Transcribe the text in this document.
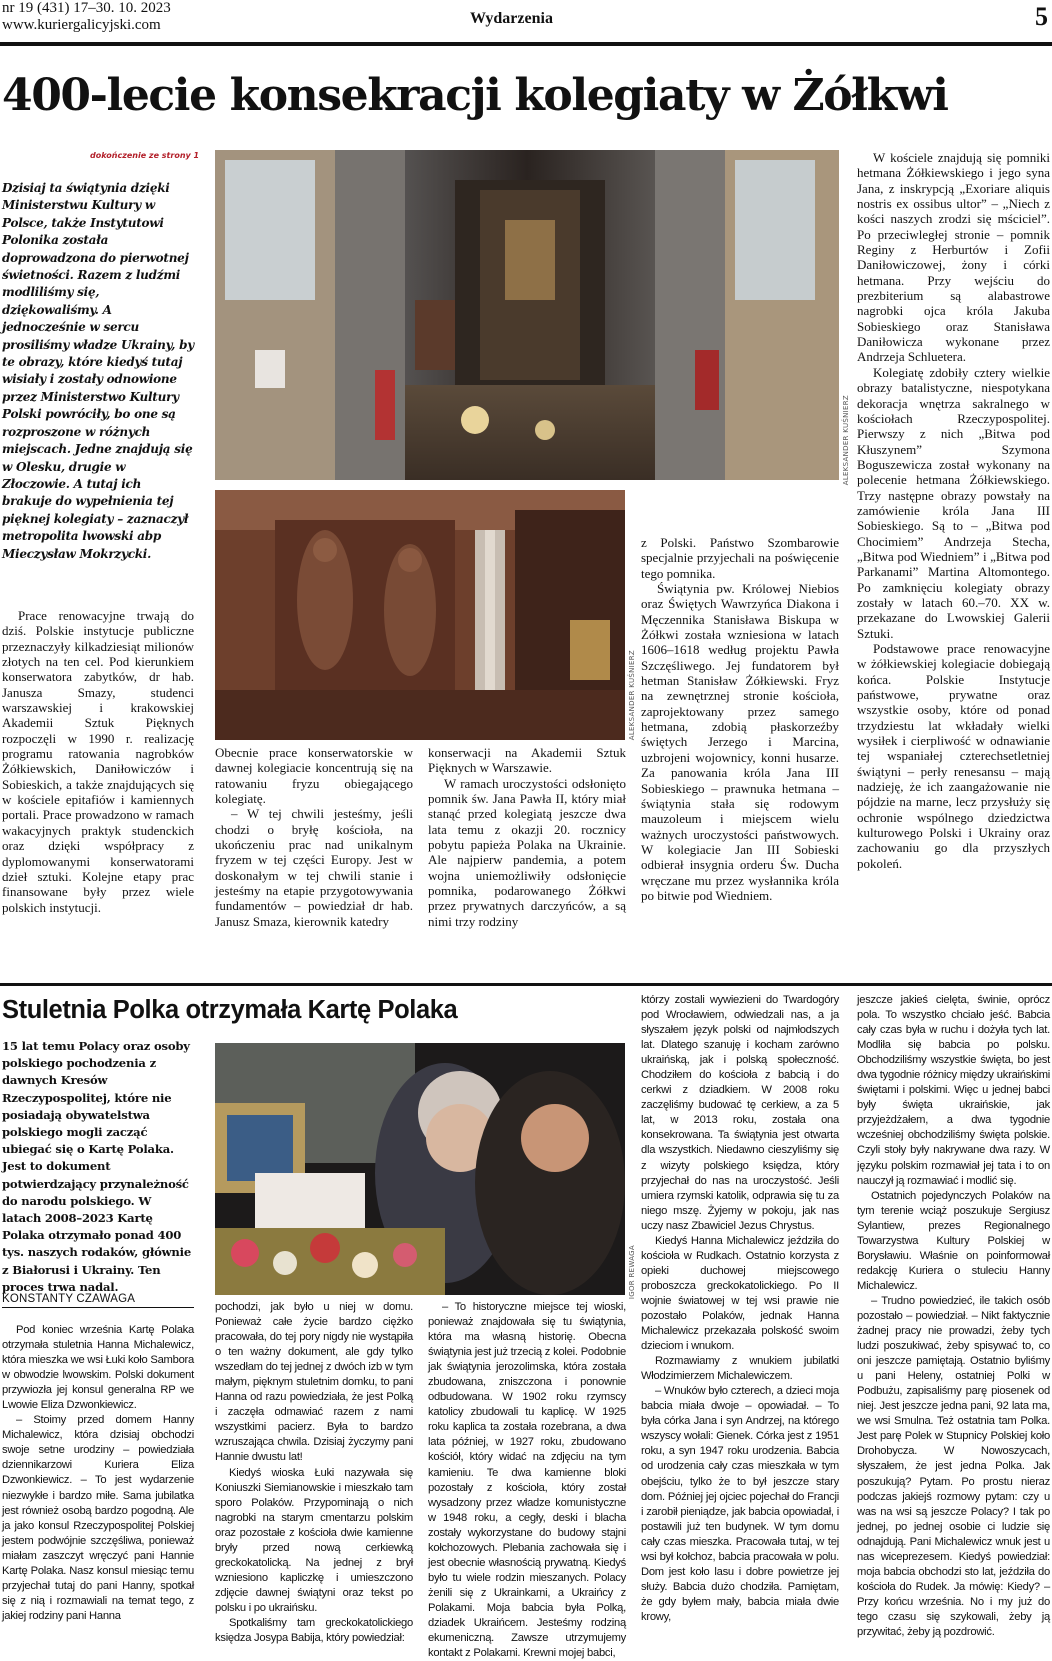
nr 19 (431) 17–30. 10. 2023
www.kuriergalicyjski.com	Wydarzenia	5
400-lecie konsekracji kolegiaty w Żółkwi
dokończenie ze strony 1
Dzisiaj ta świątynia dzięki Ministerstwu Kultury w Polsce, także Instytutowi Polonika została doprowadzona do pierwotnej świetności. Razem z ludźmi modliliśmy się, dziękowaliśmy. A jednocześnie w sercu prosiliśmy władze Ukrainy, by te obrazy, które kiedyś tutaj wisiały i zostały odnowione przez Ministerstwo Kultury Polski powróciły, bo one są rozproszone w różnych miejscach. Jedne znajdują się w Olesku, drugie w Złoczowie. A tutaj ich brakuje do wypełnienia tej pięknej kolegiaty – zaznaczył metropolita lwowski abp Mieczysław Mokrzycki.
ALEKSANDER KUŚNIERZ
ALEKSANDER KUŚNIERZ

Prace renowacyjne trwają do dziś. Polskie instytucje publiczne przeznaczyły kilkadziesiąt milionów złotych na ten cel. Pod kierunkiem konserwatora zabytków, dr hab. Janusza Smazy, studenci warszawskiej i krakowskiej Akademii Sztuk Pięknych rozpoczęli w 1990 r. realizację programu ratowania nagrobków Żółkiewskich, Daniłowiczów i Sobieskich, a także znajdujących się w kościele epitafiów i kamiennych portali. Prace prowadzono w ramach wakacyjnych praktyk studenckich oraz dzięki współpracy z dyplomowanymi konserwatorami dzieł sztuki. Kolejne etapy prac finansowane były przez wiele polskich instytucji.

Obecnie prace konserwatorskie w dawnej kolegiacie koncentrują się na ratowaniu fryzu obiegającego kolegiatę.

– W tej chwili jesteśmy, jeśli chodzi o bryłę kościoła, na ukończeniu prac nad unikalnym fryzem w tej części Europy. Jest w doskonałym w tej chwili stanie i jesteśmy na etapie przygotowywania fundamentów – powiedział dr hab. Janusz Smaza, kierownik katedry

konserwacji na Akademii Sztuk Pięknych w Warszawie.

W ramach uroczystości odsłonięto pomnik św. Jana Pawła II, który miał stanąć przed kolegiatą jeszcze dwa lata temu z okazji 20. rocznicy pobytu papieża Polaka na Ukrainie. Ale najpierw pandemia, a potem wojna uniemożliwiły odsłonięcie pomnika, podarowanego Żółkwi przez prywatnych darczyńców, a są nimi trzy rodziny

z Polski. Państwo Szombarowie specjalnie przyjechali na poświęcenie tego pomnika.

Świątynia pw. Królowej Niebios oraz Świętych Wawrzyńca Diakona i Męczennika Stanisława Biskupa w Żółkwi została wzniesiona w latach 1606–1618 według projektu Pawła Szczęśliwego. Jej fundatorem był hetman Stanisław Żółkiewski. Fryz na zewnętrznej stronie kościoła, zaprojektowany przez samego hetmana, zdobią płaskorzeźby świętych Jerzego i Marcina, uzbrojeni wojownicy, konni husarze. Za panowania króla Jana III Sobieskiego – prawnuka hetmana – świątynia stała się rodowym mauzoleum i miejscem wielu ważnych uroczystości państwowych. W kolegiacie Jan III Sobieski odbierał insygnia orderu Św. Ducha wręczane mu przez wysłannika króla po bitwie pod Wiedniem.

W kościele znajdują się pomniki hetmana Żółkiewskiego i jego syna Jana, z inskrypcją „Exoriare aliquis nostris ex ossibus ultor” – „Niech z kości naszych zrodzi się mściciel”. Po przeciwległej stronie – pomnik Reginy z Herburtów i Zofii Daniłowiczowej, żony i córki hetmana. Przy wejściu do prezbiterium są alabastrowe nagrobki ojca króla Jakuba Sobieskiego oraz Stanisława Daniłowicza wykonane przez Andrzeja Schluetera.

Kolegiatę zdobiły cztery wielkie obrazy batalistyczne, niespotykana dekoracja wnętrza sakralnego w kościołach Rzeczypospolitej. Pierwszy z nich „Bitwa pod Kłuszynem” Szymona Boguszewicza został wykonany na polecenie hetmana Żółkiewskiego. Trzy następne obrazy powstały na zamówienie króla Jana III Sobieskiego. Są to – „Bitwa pod Chocimiem” Andrzeja Stecha, „Bitwa pod Wiedniem” i „Bitwa pod Parkanami” Martina Altomontego. Po zamknięciu kolegiaty obrazy zostały w latach 60.–70. XX w. przekazane do Lwowskiej Galerii Sztuki.

Podstawowe prace renowacyjne w żółkiewskiej kolegiacie dobiegają końca. Polskie Instytucje państwowe, prywatne oraz wszystkie osoby, które od ponad trzydziestu lat wkładały wielki wysiłek i cierpliwość w odnawianie tej wspaniałej czterechsetletniej świątyni – perły renesansu – mają nadzieję, że ich zaangażowanie nie pójdzie na marne, lecz przysłuży się ochronie wspólnego dziedzictwa kulturowego Polski i Ukrainy oraz zachowaniu go dla przyszłych pokoleń.

Stuletnia Polka otrzymała Kartę Polaka
15 lat temu Polacy oraz osoby polskiego pochodzenia z dawnych Kresów Rzeczypospolitej, które nie posiadają obywatelstwa polskiego mogli zacząć ubiegać się o Kartę Polaka. Jest to dokument potwierdzający przynależność do narodu polskiego. W latach 2008–2023 Kartę Polaka otrzymało ponad 400 tys. naszych rodaków, głównie z Białorusi i Ukrainy. Ten proces trwa nadal.
KONSTANTY CZAWAGA	IGOR REWAGA

Pod koniec września Kartę Polaka otrzymała stuletnia Hanna Michalewicz, która mieszka we wsi Łuki koło Sambora w obwodzie lwowskim. Polski dokument przywiozła jej konsul generalna RP we Lwowie Eliza Dzwonkiewicz.

– Stoimy przed domem Hanny Michalewicz, która dzisiaj obchodzi swoje setne urodziny – powiedziała dziennikarzowi Kuriera Eliza Dzwonkiewicz. – To jest wydarzenie niezwykłe i bardzo miłe. Sama jubilatka jest również osobą bardzo pogodną. Ale ja jako konsul Rzeczypospolitej Polskiej jestem podwójnie szczęśliwa, ponieważ miałam zaszczyt wręczyć pani Hannie Kartę Polaka. Nasz konsul miesiąc temu przyjechał tutaj do pani Hanny, spotkał się z nią i rozmawiali na temat tego, z jakiej rodziny pani Hanna

pochodzi, jak było u niej w domu. Ponieważ całe życie bardzo ciężko pracowała, do tej pory nigdy nie wystąpiła o ten ważny dokument, ale gdy tylko wszedłam do tej jednej z dwóch izb w tym małym, pięknym stuletnim domku, to pani Hanna od razu powiedziała, że jest Polką i zaczęła odmawiać razem z nami wszystkimi pacierz. Była to bardzo wzruszająca chwila. Dzisiaj życzymy pani Hannie dwustu lat!

Kiedyś wioska Łuki nazywała się Koniuszki Siemianowskie i mieszkało tam sporo Polaków. Przypominają o nich nagrobki na starym cmentarzu polskim oraz pozostałe z kościoła dwie kamienne bryły przed nową cerkiewką greckokatolicką. Na jednej z brył wzniesiono kapliczkę i umieszczono zdjęcie dawnej świątyni oraz tekst po polsku i po ukraińsku.

Spotkaliśmy tam greckokatolickiego księdza Josypa Babija, który powiedział:

– To historyczne miejsce tej wioski, ponieważ znajdowała się tu świątynia, która ma własną historię. Obecna świątynia jest już trzecią z kolei. Podobnie jak świątynia jerozolimska, która została zbudowana, zniszczona i ponownie odbudowana. W 1902 roku rzymscy katolicy zbudowali tu kaplicę. W 1925 roku kaplica ta została rozebrana, a dwa lata później, w 1927 roku, zbudowano kościół, który widać na zdjęciu na tym kamieniu. Te dwa kamienne bloki pozostały z kościoła, który został wysadzony przez władze komunistyczne w 1948 roku, a cegły, deski i blacha zostały wykorzystane do budowy stajni kołchozowych. Plebania zachowała się i jest obecnie własnością prywatną. Kiedyś było tu wiele rodzin mieszanych. Polacy żenili się z Ukrainkami, a Ukraińcy z Polakami. Moja babcia była Polką, dziadek Ukraińcem. Jesteśmy rodziną ekumeniczną. Zawsze utrzymujemy kontakt z Polakami. Krewni mojej babci,

którzy zostali wywiezieni do Twardogóry pod Wrocławiem, odwiedzali nas, a ja słyszałem język polski od najmłodszych lat. Dlatego szanuję i kocham zarówno ukraińską, jak i polską społeczność. Chodziłem do kościoła z babcią i do cerkwi z dziadkiem. W 2008 roku zaczęliśmy budować tę cerkiew, a za 5 lat, w 2013 roku, została ona konsekrowana. Ta świątynia jest otwarta dla wszystkich. Niedawno cieszyliśmy się z wizyty polskiego księdza, który przyjechał do nas na uroczystość. Jeśli umiera rzymski katolik, odprawia się tu za niego mszę. Żyjemy w pokoju, jak nas uczy nasz Zbawiciel Jezus Chrystus.

Kiedyś Hanna Michalewicz jeździła do kościoła w Rudkach. Ostatnio korzysta z opieki duchowej miejscowego proboszcza greckokatolickiego. Po II wojnie światowej w tej wsi prawie nie pozostało Polaków, jednak Hanna Michalewicz przekazała polskość swoim dzieciom i wnukom.

Rozmawiamy z wnukiem jubilatki Włodzimierzem Michalewiczem.

– Wnuków było czterech, a dzieci moja babcia miała dwoje – opowiadał. – To była córka Jana i syn Andrzej, na którego wszyscy wołali: Gienek. Córka jest z 1951 roku, a syn 1947 roku urodzenia. Babcia od urodzenia cały czas mieszkała w tym obejściu, tylko że to był jeszcze stary dom. Później jej ojciec pojechał do Francji i zarobił pieniądze, jak babcia opowiadał, i postawili już ten budynek. W tym domu cały czas mieszka. Pracowała tutaj, w tej wsi był kołchoz, babcia pracowała w polu. Dom jest koło lasu i dobre powietrze jej służy. Babcia dużo chodziła. Pamiętam, że gdy byłem mały, babcia miała dwie krowy,

jeszcze jakieś cielęta, świnie, oprócz pola. To wszystko chciało jeść. Babcia cały czas była w ruchu i dożyła tych lat. Modliła się babcia po polsku. Obchodziliśmy wszystkie święta, bo jest dwa tygodnie różnicy między ukraińskimi świętami i polskimi. Więc u jednej babci były święta ukraińskie, jak przyjeżdżałem, a dwa tygodnie wcześniej obchodziliśmy święta polskie. Czyli stoły były nakrywane dwa razy. W języku polskim rozmawiał jej tata i to on nauczył ją rozmawiać i modlić się.

Ostatnich pojedynczych Polaków na tym terenie wciąż poszukuje Sergiusz Sylantiew, prezes Regionalnego Towarzystwa Kultury Polskiej w Borysławiu. Właśnie on poinformował redakcję Kuriera o stuleciu Hanny Michalewicz.

– Trudno powiedzieć, ile takich osób pozostało – powiedział. – Nikt faktycznie żadnej pracy nie prowadzi, żeby tych ludzi poszukiwać, żeby spisywać to, co oni jeszcze pamiętają. Ostatnio byliśmy u pani Heleny, ostatniej Polki w Podbużu, zapisaliśmy parę piosenek od niej. Jest jeszcze jedna pani, 92 lata ma, we wsi Smulna. Też ostatnia tam Polka. Jest parę Polek w Stupnicy Polskiej koło Drohobycza. W Nowoszycach, słyszałem, że jest jedna Polka. Jak poszukują? Pytam. Po prostu nieraz podczas jakiejś rozmowy pytam: czy u was na wsi są jeszcze Polacy? I tak po jednej, po jednej osobie ci ludzie się odnajdują. Pani Michalewicz wnuk jest u nas wiceprezesem. Kiedyś powiedział: moja babcia obchodzi sto lat, jeździła do kościoła do Rudek. Ja mówię: Kiedy? – Przy końcu września. No i my już do tego czasu się szykowali, żeby ją przywitać, żeby ją pozdrowić.
